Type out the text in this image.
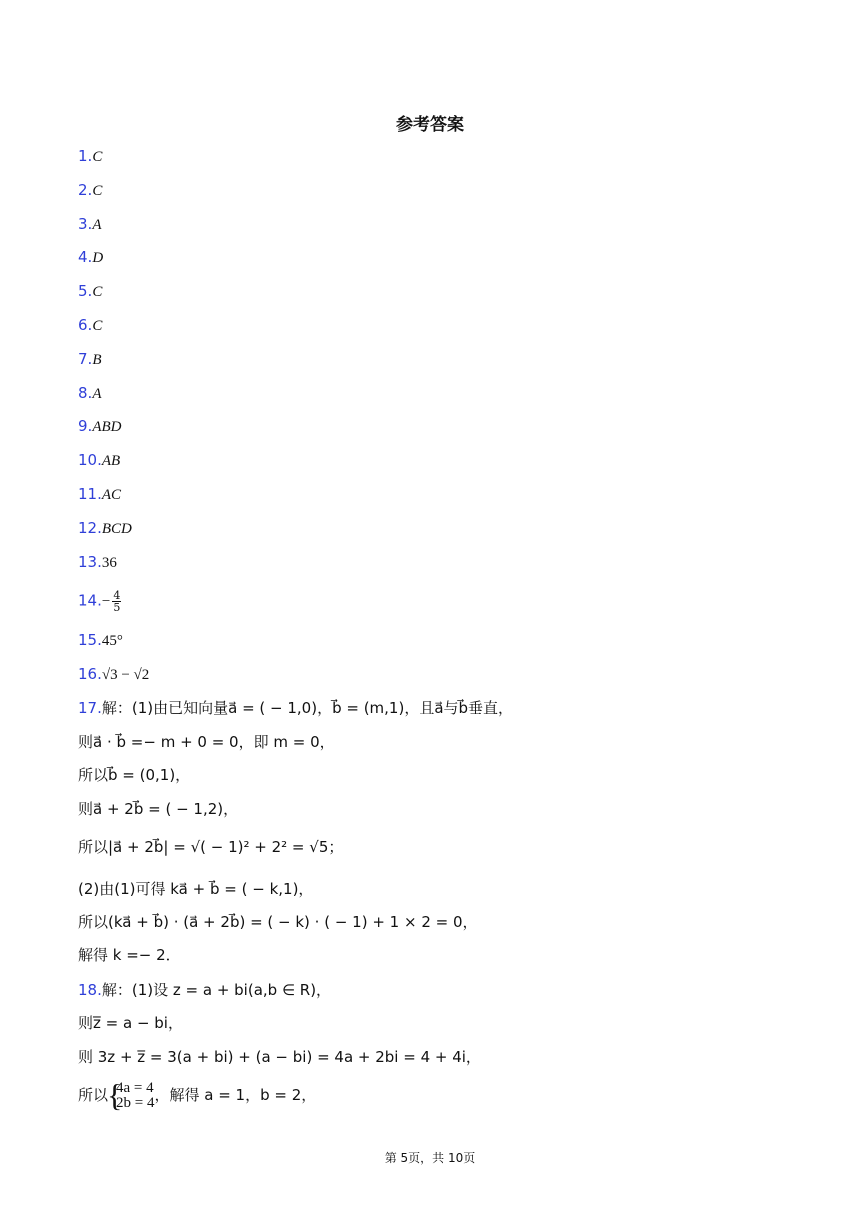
参考答案
1.C
2.C
3.A
4.D
5.C
6.C
7.B
8.A
9.ABD
10.AB
11.AC
12.BCD
13.36
$14.- \frac{4}{5}$
15.45°
16.√3 − √2
17.解：(1)由已知向量a⃗ = ( − 1,0)，b⃗ = (m,1)，且a⃗与b⃗垂直，
则a⃗ · b⃗ =− m + 0 = 0，即 m = 0，
所以b⃗ = (0,1)，
则a⃗ + 2b⃗ = ( − 1,2)，
所以|a⃗ + 2b⃗| = √( − 1)² + 2² = √5；
(2)由(1)可得 ka⃗ + b⃗ = ( − k,1)，
所以(ka⃗ + b⃗) · (a⃗ + 2b⃗) = ( − k) · ( − 1) + 1 × 2 = 0，
解得 k =− 2．
18.解：(1)设 z = a + bi(a,b ∈ R)，
则z̅ = a − bi，
则 3z + z̅ = 3(a + bi) + (a − bi) = 4a + 2bi = 4 + 4i，
所以 {
4a = 4
2b = 4 ，解得 a = 1，b = 2，
第 5页，共 10页
